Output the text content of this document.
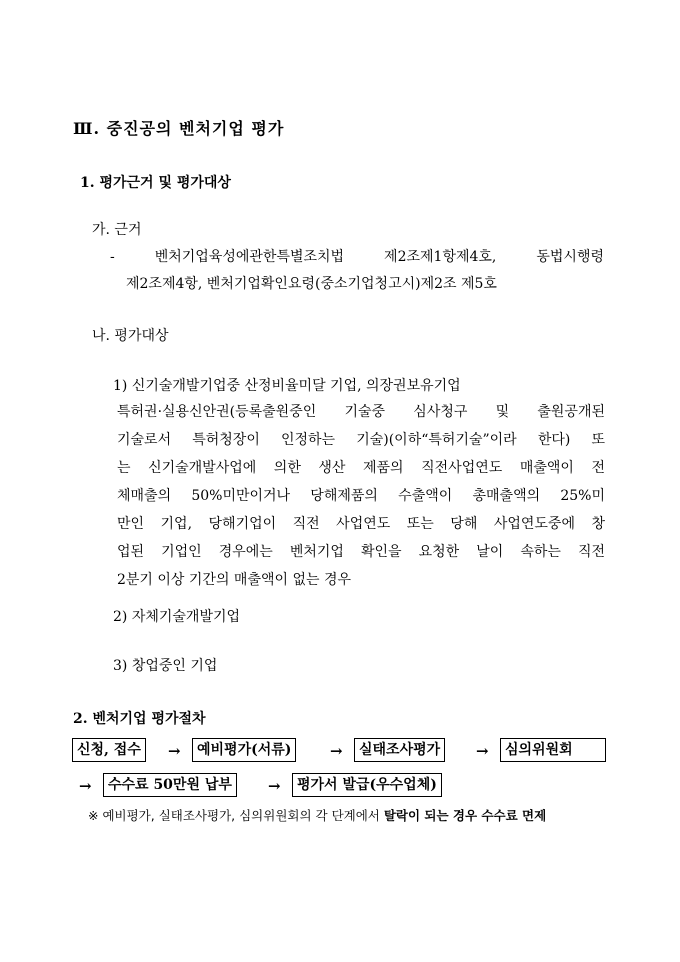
Ⅲ. 중진공의 벤처기업 평가
1. 평가근거 및 평가대상
가. 근거
- 벤처기업육성에관한특별조치법 제2조제1항제4호, 동법시행령
제2조제4항, 벤처기업확인요령(중소기업청고시)제2조 제5호
나. 평가대상
1) 신기술개발기업중 산정비율미달 기업, 의장권보유기업
특허권·실용신안권(등록출원중인 기술중 심사청구 및 출원공개된
기술로서 특허청장이 인정하는 기술)(이하“특허기술”이라 한다) 또
는 신기술개발사업에 의한 생산 제품의 직전사업연도 매출액이 전
체매출의 50%미만이거나 당해제품의 수출액이 총매출액의 25%미
만인 기업, 당해기업이 직전 사업연도 또는 당해 사업연도중에 창
업된 기업인 경우에는 벤처기업 확인을 요청한 날이 속하는 직전
2분기 이상 기간의 매출액이 없는 경우
2) 자체기술개발기업
3) 창업중인 기업
2. 벤처기업 평가절차
신청, 접수	→	예비평가(서류)	→	실태조사평가	→	심의위원회
→	수수료 50만원 납부	→	평가서 발급(우수업체)
※ 예비평가, 실태조사평가, 심의위원회의 각 단계에서 탈락이 되는 경우 수수료 면제
